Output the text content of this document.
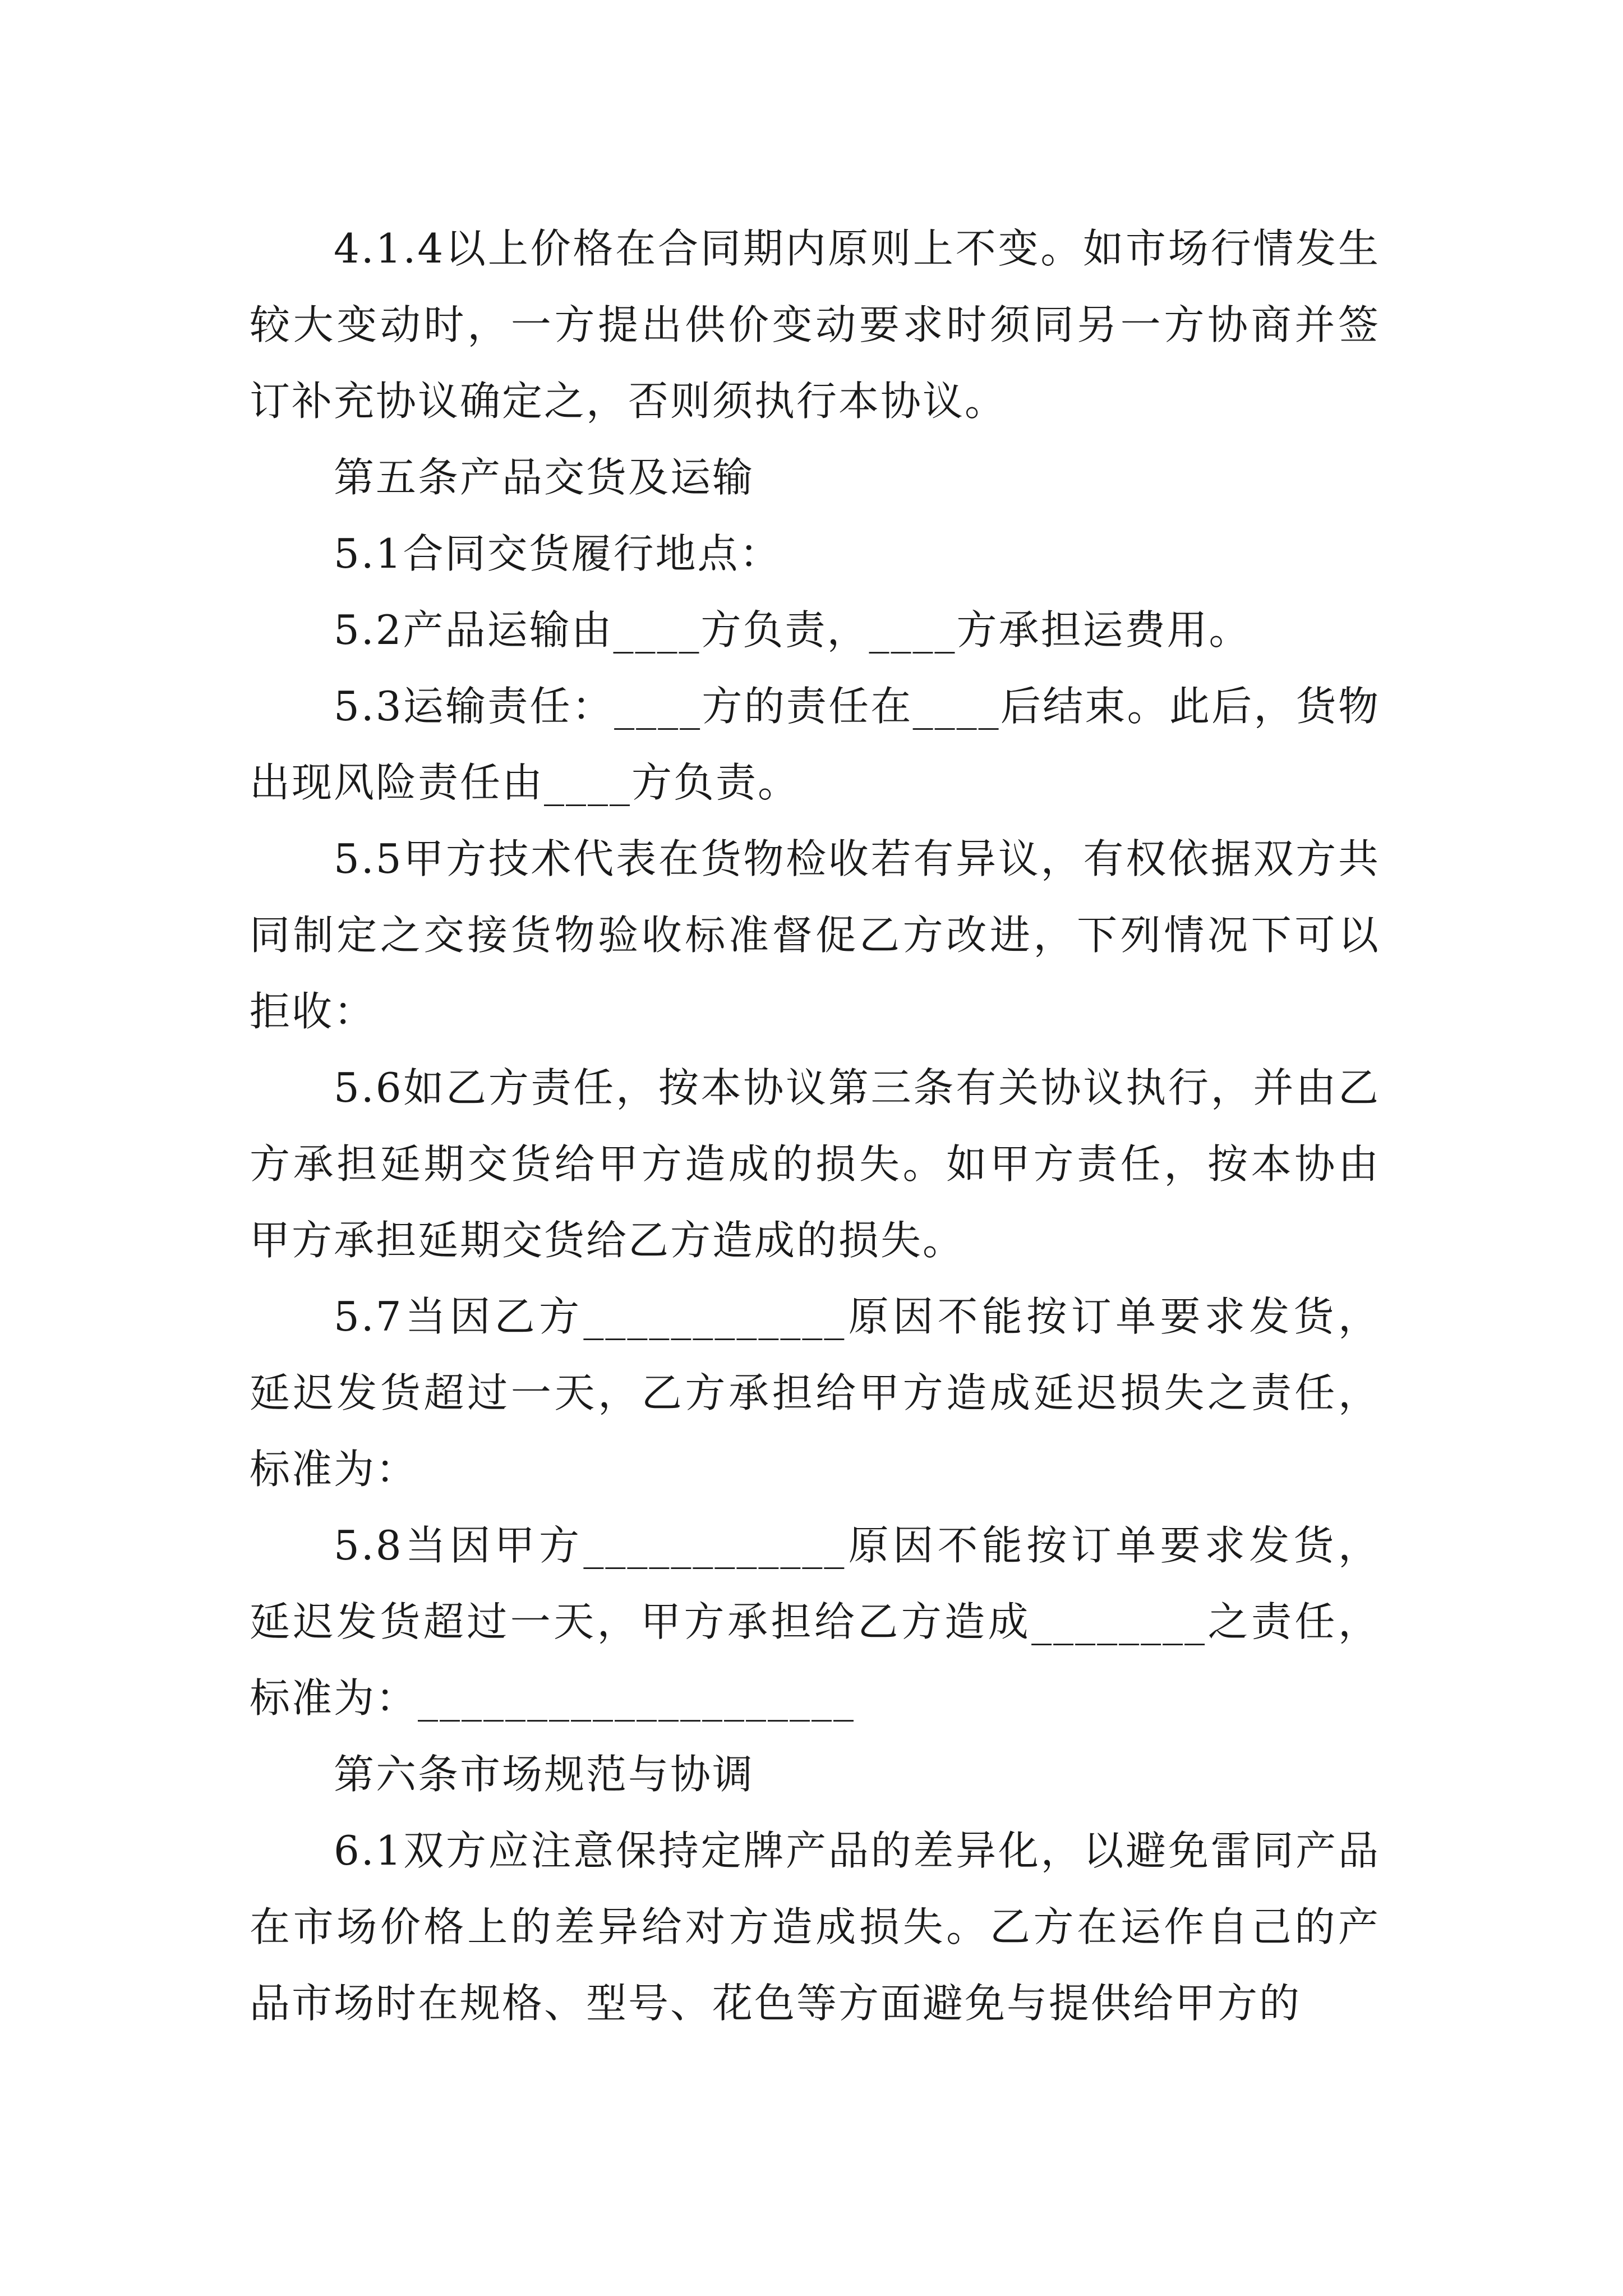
4.1.4以上价格在合同期内原则上不变。如市场行情发生较大变动时，一方提出供价变动要求时须同另一方协商并签订补充协议确定之，否则须执行本协议。

第五条产品交货及运输

5.1合同交货履行地点：

5.2产品运输由____方负责，____方承担运费用。

5.3运输责任：____方的责任在____后结束。此后，货物出现风险责任由____方负责。

5.5甲方技术代表在货物检收若有异议，有权依据双方共同制定之交接货物验收标准督促乙方改进，下列情况下可以拒收：

5.6如乙方责任，按本协议第三条有关协议执行，并由乙方承担延期交货给甲方造成的损失。如甲方责任，按本协由甲方承担延期交货给乙方造成的损失。

5.7当因乙方____________原因不能按订单要求发货，延迟发货超过一天，乙方承担给甲方造成延迟损失之责任，标准为：

5.8当因甲方____________原因不能按订单要求发货，延迟发货超过一天，甲方承担给乙方造成________之责任，标准为：____________________

第六条市场规范与协调

6.1双方应注意保持定牌产品的差异化，以避免雷同产品在市场价格上的差异给对方造成损失。乙方在运作自己的产品市场时在规格、型号、花色等方面避免与提供给甲方的
